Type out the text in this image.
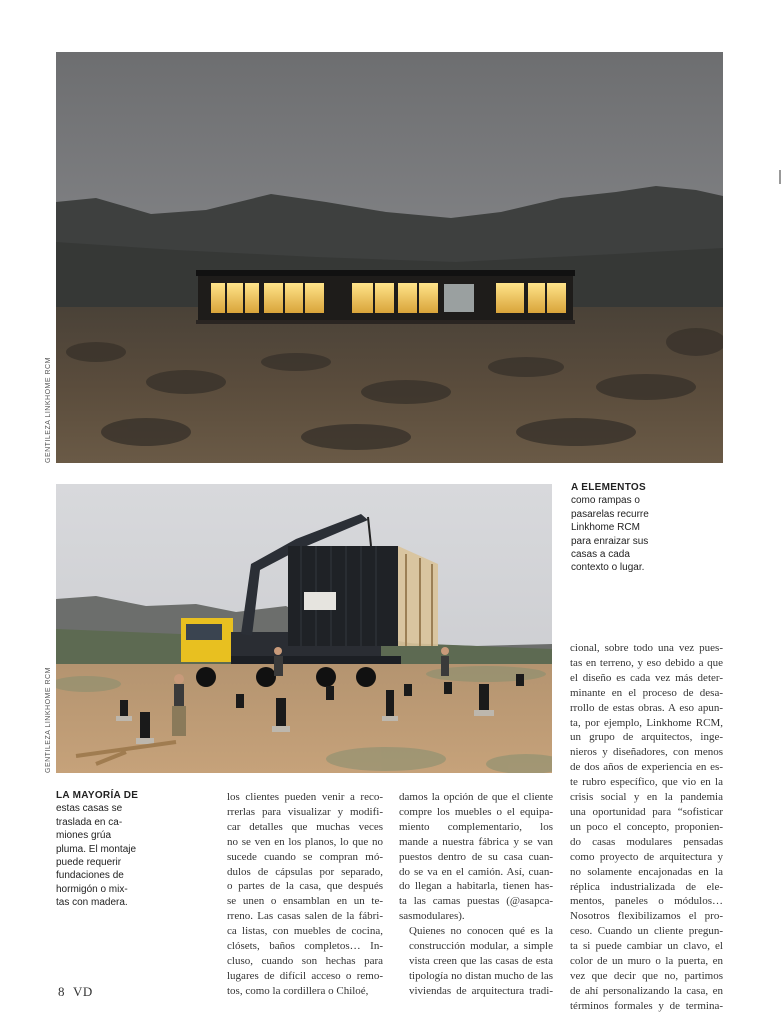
GENTILEZA LINKHOME RCM
GENTILEZA LINKHOME RCM
A ELEMENTOS
como rampas o
pasarelas recurre
Linkhome RCM
para enraizar sus
casas a cada
contexto o lugar.
LA MAYORÍA DE
estas casas se
traslada en ca-
miones grúa
pluma. El montaje
puede requerir
fundaciones de
hormigón o mix-
tas con madera.

los clientes pueden venir a reco-
rrerlas para visualizar y modifi-
car detalles que muchas veces
no se ven en los planos, lo que no
sucede cuando se compran mó-
dulos de cápsulas por separado,
o partes de la casa, que después
se unen o ensamblan en un te-
rreno. Las casas salen de la fábri-
ca listas, con muebles de cocina,
clósets, baños completos… In-
cluso, cuando son hechas para
lugares de difícil acceso o remo-
tos, como la cordillera o Chiloé,

damos la opción de que el cliente
compre los muebles o el equipa-
miento complementario, los
mande a nuestra fábrica y se van
puestos dentro de su casa cuan-
do se va en el camión. Así, cuan-
do llegan a habitarla, tienen has-
ta las camas puestas (@asapca-
sasmodulares).

Quienes no conocen qué es la
construcción modular, a simple
vista creen que las casas de esta
tipología no distan mucho de las
viviendas de arquitectura tradi-

cional, sobre todo una vez pues-
tas en terreno, y eso debido a que
el diseño es cada vez más deter-
minante en el proceso de desa-
rrollo de estas obras. A eso apun-
ta, por ejemplo, Linkhome RCM,
un grupo de arquitectos, inge-
nieros y diseñadores, con menos
de dos años de experiencia en es-
te rubro específico, que vio en la
crisis social y en la pandemia
una oportunidad para “sofisticar
un poco el concepto, proponien-
do casas modulares pensadas
como proyecto de arquitectura y
no solamente encajonadas en la
réplica industrializada de ele-
mentos, paneles o módulos…
Nosotros flexibilizamos el pro-
ceso. Cuando un cliente pregun-
ta si puede cambiar un clavo, el
color de un muro o la puerta, en
vez que decir que no, partimos
de ahí personalizando la casa, en
términos formales y de termina-

8 VD
